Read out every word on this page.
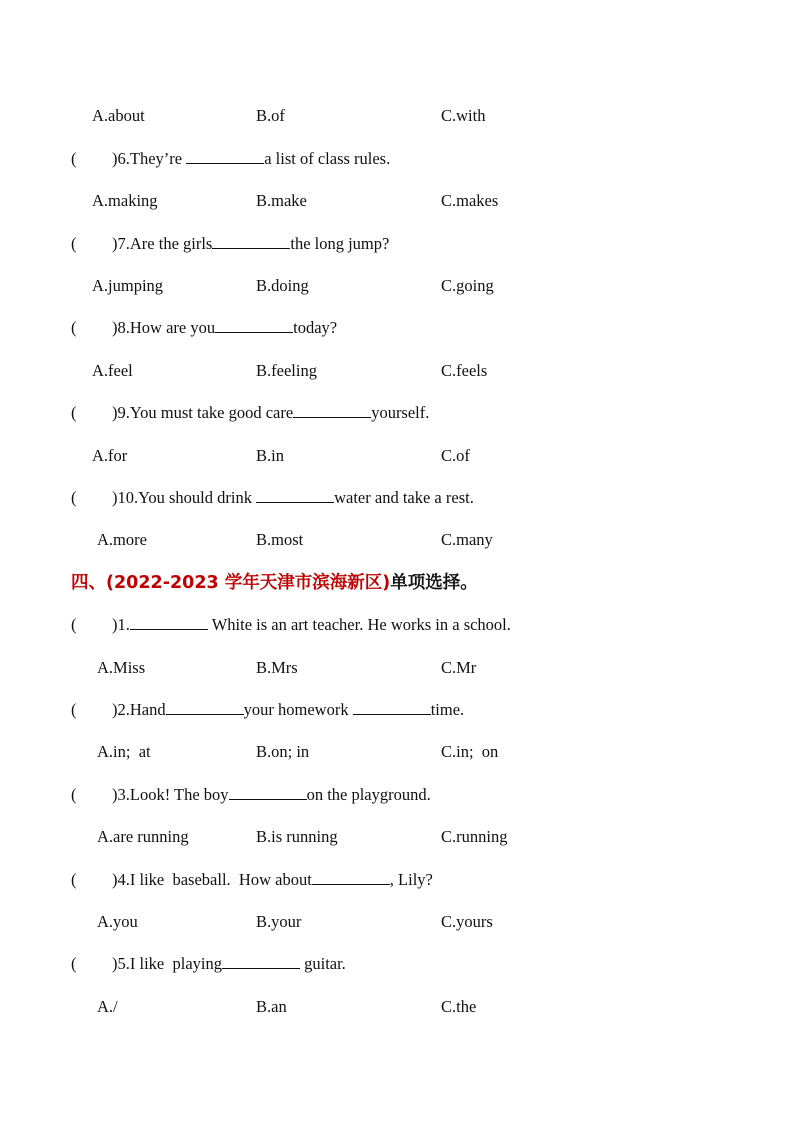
A.about	B.of	C.with
( )6.They’re	a list of class rules.
A.making	B.make	C.makes
( )7.Are the girls	the long jump?
A.jumping	B.doing	C.going
( )8.How are you	today?
A.feel	B.feeling	C.feels
( )9.You must take good care	yourself.
A.for	B.in	C.of
( )10.You should drink	water and take a rest.
A.more	B.most	C.many
四、(2022-2023 学年天津市滨海新区)单项选择。
( )1.	White is an art teacher. He works in a school.
A.Miss	B.Mrs	C.Mr
( )2.Hand	your homework	time.
A.in;  at	B.on; in	C.in;  on
( )3.Look! The boy	on the playground.
A.are running	B.is running	C.running
( )4.I like  baseball.  How about	, Lily?
A.you	B.your	C.yours
( )5.I like  playing	guitar.
A./	B.an	C.the
